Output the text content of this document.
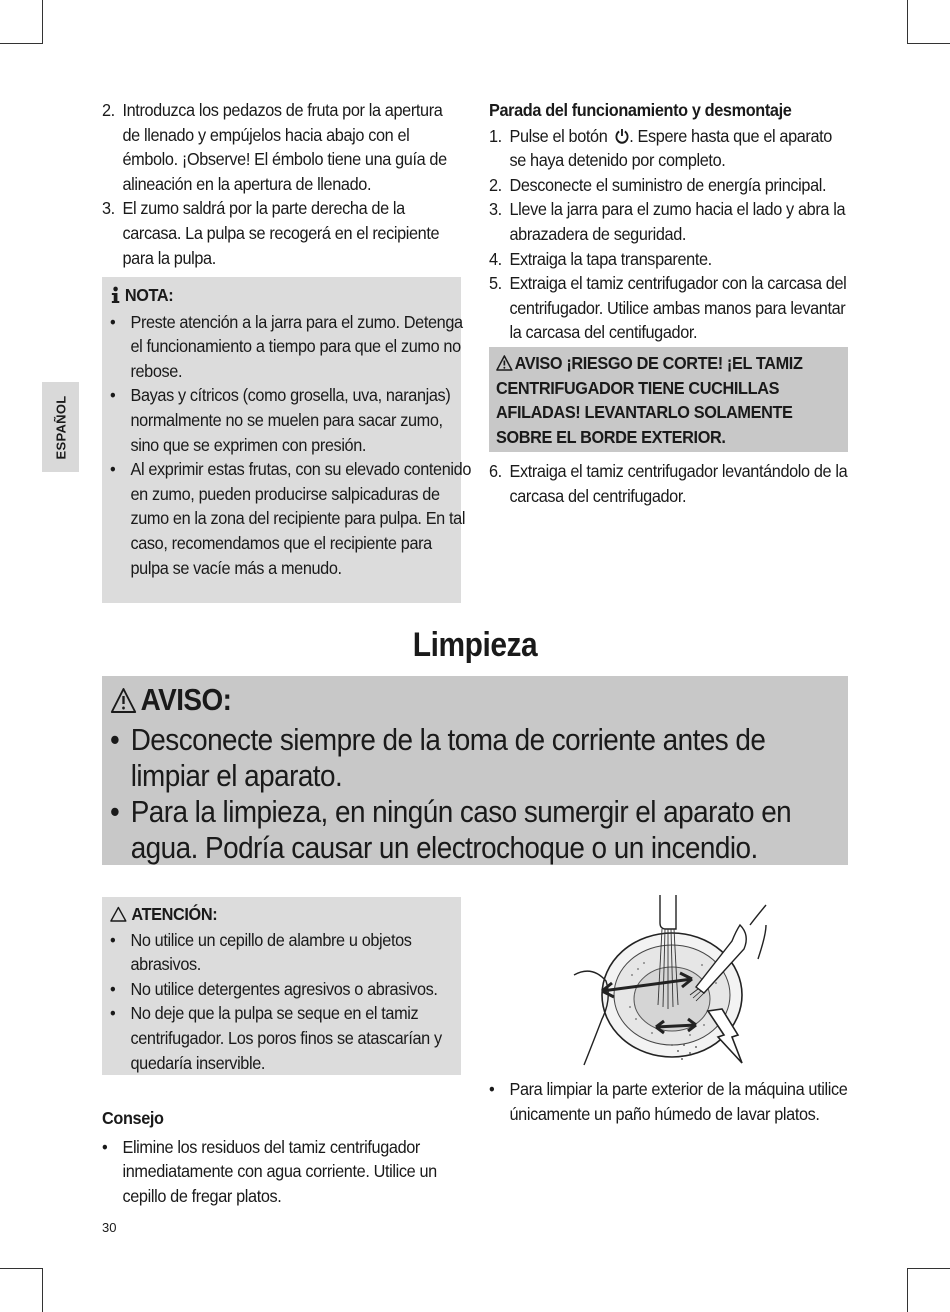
ESPAÑOL
2. Introduzca los pedazos de fruta por la apertura de llenado y empújelos hacia abajo con el émbolo. ¡Observe! El émbolo tiene una guía de alineación en la apertura de llenado.
3. El zumo saldrá por la parte derecha de la carcasa. La pulpa se recogerá en el recipiente para la pulpa.
NOTA:
• Preste atención a la jarra para el zumo. Detenga el funcionamiento a tiempo para que el zumo no rebose.
• Bayas y cítricos (como grosella, uva, naranjas) normalmente no se muelen para sacar zumo, sino que se exprimen con presión.
• Al exprimir estas frutas, con su elevado contenido en zumo, pueden producirse salpicaduras de zumo en la zona del recipiente para pulpa. En tal caso, recomendamos que el recipiente para pulpa se vacíe más a menudo.
Parada del funcionamiento y desmontaje
1. Pulse el botón . Espere hasta que el aparato se haya detenido por completo.
2. Desconecte el suministro de energía principal.
3. Lleve la jarra para el zumo hacia el lado y abra la abrazadera de seguridad.
4. Extraiga la tapa transparente.
5. Extraiga el tamiz centrifugador con la carcasa del centrifugador. Utilice ambas manos para levantar la carcasa del centifugador.
AVISO ¡RIESGO DE CORTE! ¡EL TAMIZ CENTRIFUGADOR TIENE CUCHILLAS AFILADAS! LEVANTARLO SOLAMENTE SOBRE EL BORDE EXTERIOR.
6. Extraiga el tamiz centrifugador levantándolo de la carcasa del centrifugador.
Limpieza
AVISO:
• Desconecte siempre de la toma de corriente antes de limpiar el aparato.
• Para la limpieza, en ningún caso sumergir el aparato en agua. Podría causar un electrochoque o un incendio.
ATENCIÓN:
• No utilice un cepillo de alambre u objetos abrasivos.
• No utilice detergentes agresivos o abrasivos.
• No deje que la pulpa se seque en el tamiz centrifugador. Los poros finos se atascarían y quedaría inservible.
Consejo
• Elimine los residuos del tamiz centrifugador inmediatamente con agua corriente. Utilice un cepillo de fregar platos.
• Para limpiar la parte exterior de la máquina utilice únicamente un paño húmedo de lavar platos.
30
